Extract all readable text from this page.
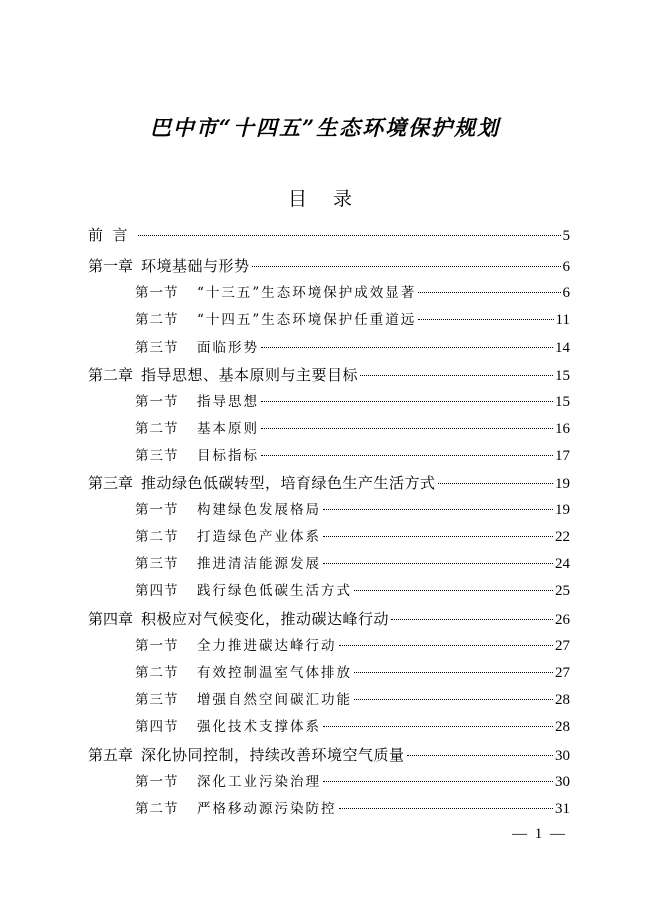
巴中市“十四五”生态环境保护规划
目 录
前  言	5
第一章 环境基础与形势	6
第一节	“十三五”生态环境保护成效显著	6
第二节	“十四五”生态环境保护任重道远	11
第三节	面临形势	14
第二章 指导思想、基本原则与主要目标	15
第一节	指导思想	15
第二节	基本原则	16
第三节	目标指标	17
第三章 推动绿色低碳转型，培育绿色生产生活方式	19
第一节	构建绿色发展格局	19
第二节	打造绿色产业体系	22
第三节	推进清洁能源发展	24
第四节	践行绿色低碳生活方式	25
第四章 积极应对气候变化，推动碳达峰行动	26
第一节	全力推进碳达峰行动	27
第二节	有效控制温室气体排放	27
第三节	增强自然空间碳汇功能	28
第四节	强化技术支撑体系	28
第五章 深化协同控制，持续改善环境空气质量	30
第一节	深化工业污染治理	30
第二节	严格移动源污染防控	31
— 1 —
